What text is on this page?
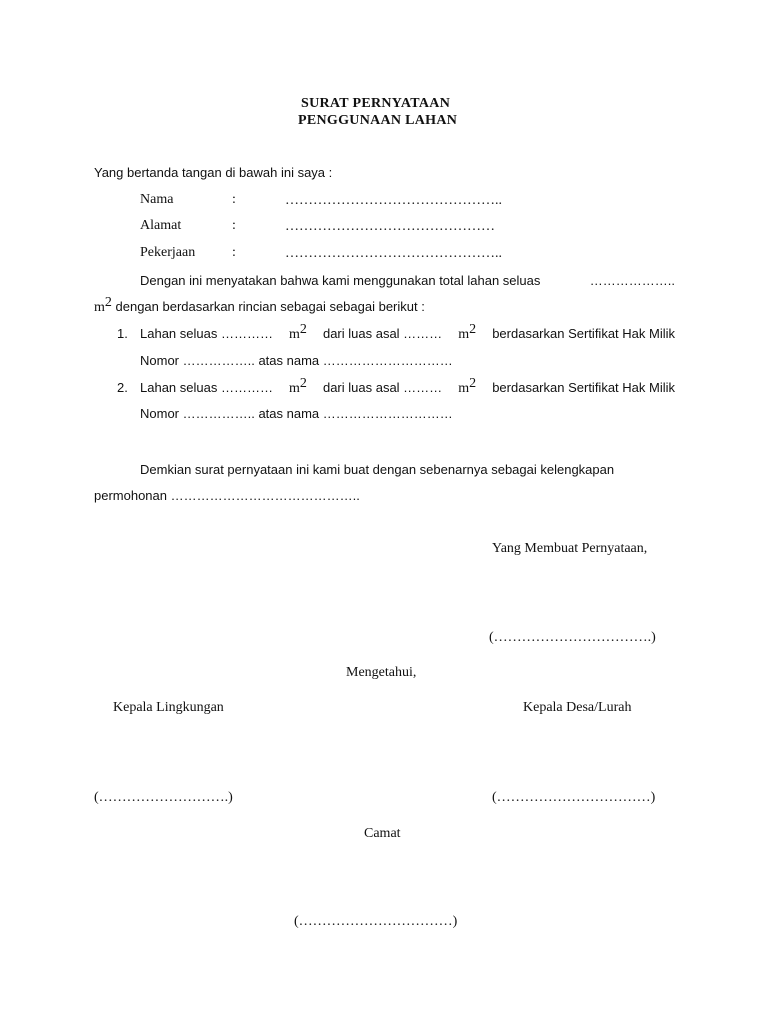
SURAT PERNYATAAN
PENGGUNAAN LAHAN
Yang bertanda tangan di bawah ini saya :
Nama	:	………………………………………..
Alamat	:	………………………………………
Pekerjaan	:	………………………………………..
Dengan ini menyatakan bahwa kami menggunakan total lahan seluas	………………..
$m^2$ dengan berdasarkan rincian sebagai sebagai berikut :
1. Lahan seluas ………… $m^2$ dari luas asal ……… $m^2$ berdasarkan Sertifikat Hak Milik
Nomor …………….. atas nama …………………………
2. Lahan seluas ………… $m^2$ dari luas asal ……… $m^2$ berdasarkan Sertifikat Hak Milik
Nomor …………….. atas nama …………………………
Demkian surat pernyataan ini kami buat dengan sebenarnya sebagai kelengkapan
permohonan ……………………………………..
Yang Membuat Pernyataan,
(…………………………….)
Mengetahui,
Kepala Lingkungan	Kepala Desa/Lurah
(……………………….)	(……………………………)
Camat
(……………………………)
